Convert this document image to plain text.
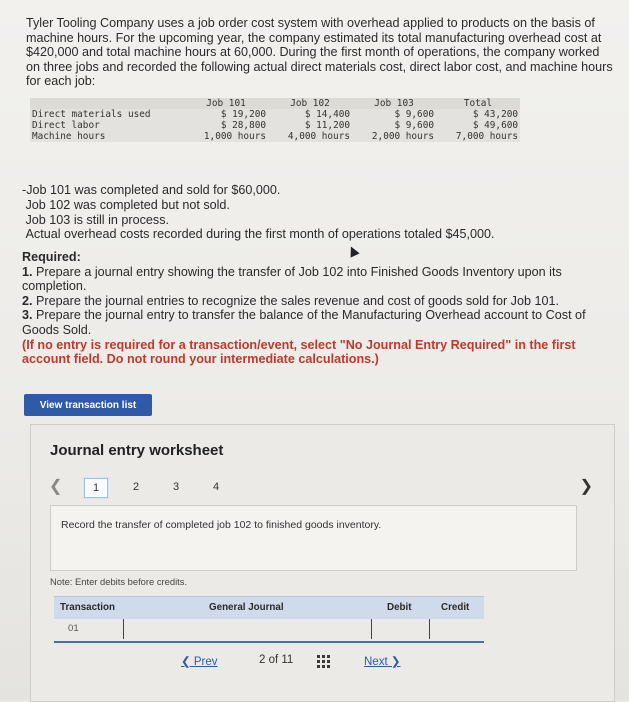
Tyler Tooling Company uses a job order cost system with overhead applied to products on the basis of machine hours. For the upcoming year, the company estimated its total manufacturing overhead cost at $420,000 and total machine hours at 60,000. During the first month of operations, the company worked on three jobs and recorded the following actual direct materials cost, direct labor cost, and machine hours for each job:
	Job 101	Job 102	Job 103	Total
Direct materials used	$ 19,200	$ 14,400	$ 9,600	$ 43,200
Direct labor	$ 28,800	$ 11,200	$ 9,600	$ 49,600
Machine hours	1,000 hours	4,000 hours	2,000 hours	7,000 hours
-Job 101 was completed and sold for $60,000.
Job 102 was completed but not sold.
Job 103 is still in process.
Actual overhead costs recorded during the first month of operations totaled $45,000.
Required:
1. Prepare a journal entry showing the transfer of Job 102 into Finished Goods Inventory upon its completion.
2. Prepare the journal entries to recognize the sales revenue and cost of goods sold for Job 101.
3. Prepare the journal entry to transfer the balance of the Manufacturing Overhead account to Cost of Goods Sold.
(If no entry is required for a transaction/event, select "No Journal Entry Required" in the first account field. Do not round your intermediate calculations.)
View transaction list
Journal entry worksheet
❮	1	2	3	4	❯
Record the transfer of completed job 102 to finished goods inventory.
Note: Enter debits before credits.
Transaction	General Journal	Debit	Credit
01
❮ Prev	2 of 11	Next ❯
